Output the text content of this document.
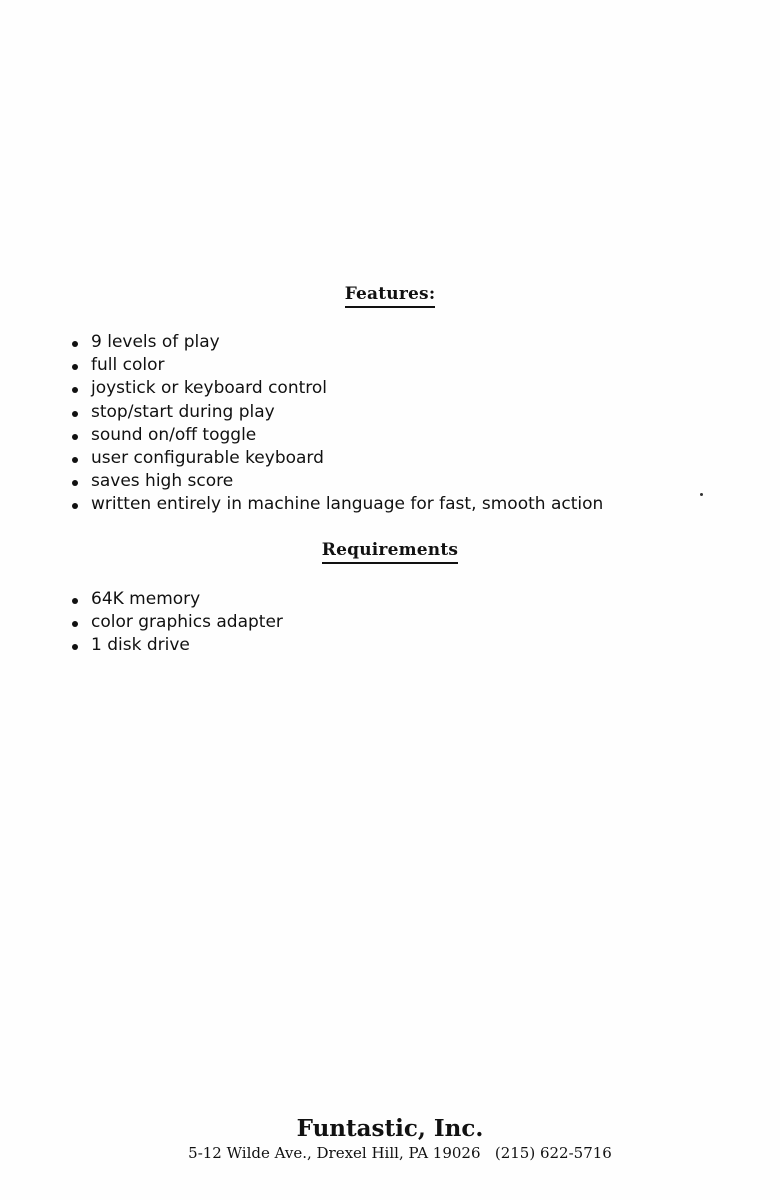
Features:
9 levels of play
full color
joystick or keyboard control
stop/start during play
sound on/off toggle
user configurable keyboard
saves high score
written entirely in machine language for fast, smooth action
Requirements
64K memory
color graphics adapter
1 disk drive
Funtastic, Inc.
5-12 Wilde Ave., Drexel Hill, PA 19026 (215) 622-5716
